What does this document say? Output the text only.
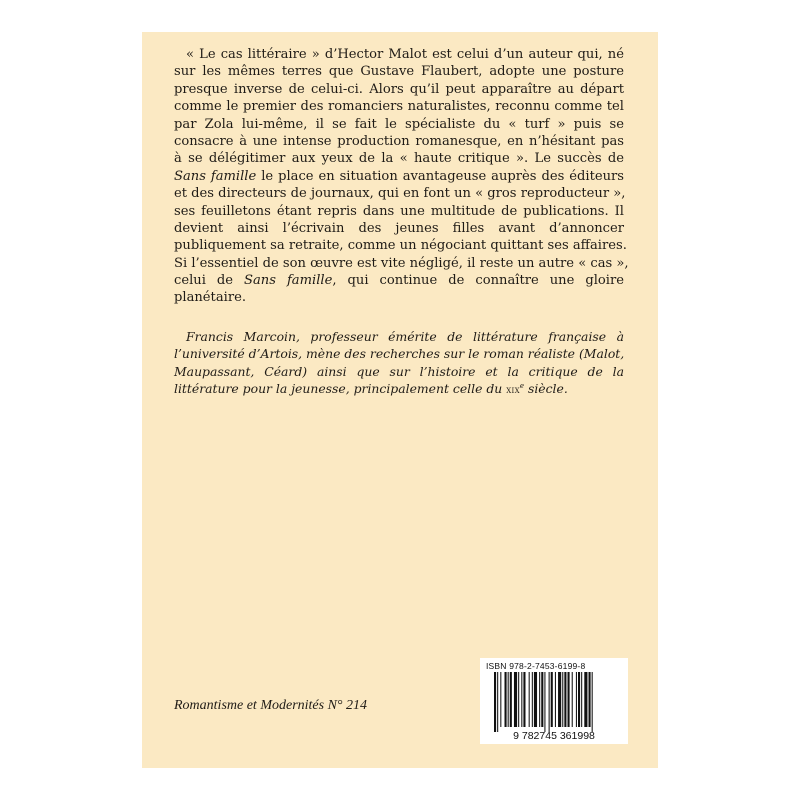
« Le cas littéraire » d’Hector Malot est celui d’un auteur qui, né
sur les mêmes terres que Gustave Flaubert, adopte une posture
presque inverse de celui-ci. Alors qu’il peut apparaître au départ
comme le premier des romanciers naturalistes, reconnu comme tel
par Zola lui-même, il se fait le spécialiste du « turf » puis se
consacre à une intense production romanesque, en n’hésitant pas
à se délégitimer aux yeux de la « haute critique ». Le succès de
Sans famille le place en situation avantageuse auprès des éditeurs
et des directeurs de journaux, qui en font un « gros reproducteur »,
ses feuilletons étant repris dans une multitude de publications. Il
devient ainsi l’écrivain des jeunes filles avant d’annoncer
publiquement sa retraite, comme un négociant quittant ses affaires.
Si l’essentiel de son œuvre est vite négligé, il reste un autre « cas »,
celui de Sans famille, qui continue de connaître une gloire
planétaire.
Francis Marcoin, professeur émérite de littérature française à
l’université d’Artois, mène des recherches sur le roman réaliste (Malot,
Maupassant, Céard) ainsi que sur l’histoire et la critique de la
littérature pour la jeunesse, principalement celle du xix$^e$ siècle.
Romantisme et Modernités N° 214
ISBN 978-2-7453-6199-8
9 782745 361998
